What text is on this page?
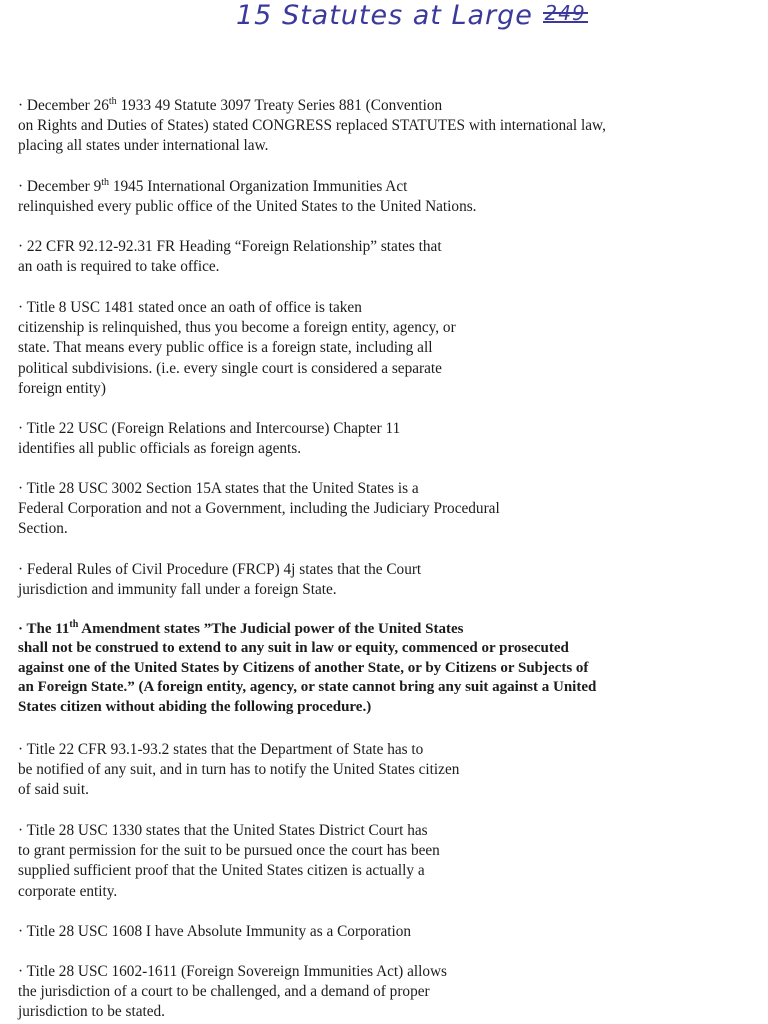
15 Statutes at Large 249
· December 26th 1933 49 Statute 3097 Treaty Series 881 (Convention
on Rights and Duties of States) stated CONGRESS replaced STATUTES with international law,
placing all states under international law.
· December 9th 1945 International Organization Immunities Act
relinquished every public office of the United States to the United Nations.
· 22 CFR 92.12-92.31 FR Heading “Foreign Relationship” states that
an oath is required to take office.
· Title 8 USC 1481 stated once an oath of office is taken
citizenship is relinquished, thus you become a foreign entity, agency, or
state. That means every public office is a foreign state, including all
political subdivisions. (i.e. every single court is considered a separate
foreign entity)
· Title 22 USC (Foreign Relations and Intercourse) Chapter 11
identifies all public officials as foreign agents.
· Title 28 USC 3002 Section 15A states that the United States is a
Federal Corporation and not a Government, including the Judiciary Procedural
Section.
· Federal Rules of Civil Procedure (FRCP) 4j states that the Court
jurisdiction and immunity fall under a foreign State.
· The 11th Amendment states ”The Judicial power of the United States
shall not be construed to extend to any suit in law or equity, commenced or prosecuted
against one of the United States by Citizens of another State, or by Citizens or Subjects of
an Foreign State.” (A foreign entity, agency, or state cannot bring any suit against a United
States citizen without abiding the following procedure.)
· Title 22 CFR 93.1-93.2 states that the Department of State has to
be notified of any suit, and in turn has to notify the United States citizen
of said suit.
· Title 28 USC 1330 states that the United States District Court has
to grant permission for the suit to be pursued once the court has been
supplied sufficient proof that the United States citizen is actually a
corporate entity.
· Title 28 USC 1608 I have Absolute Immunity as a Corporation
· Title 28 USC 1602-1611 (Foreign Sovereign Immunities Act) allows
the jurisdiction of a court to be challenged, and a demand of proper
jurisdiction to be stated.
